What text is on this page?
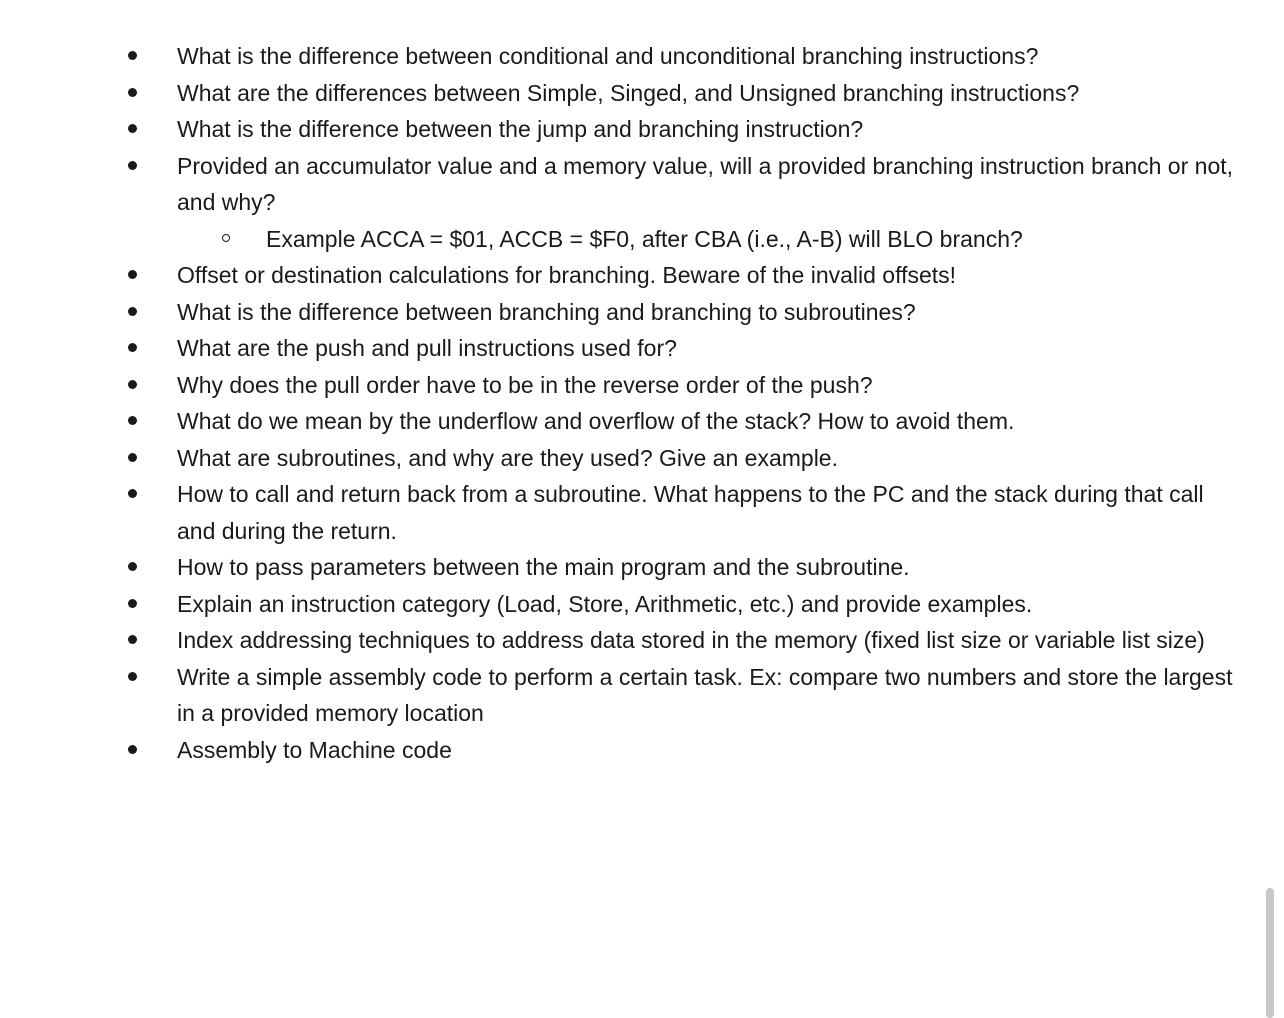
What is the difference between conditional and unconditional branching instructions?
What are the differences between Simple, Singed, and Unsigned branching instructions?
What is the difference between the jump and branching instruction?
Provided an accumulator value and a memory value, will a provided branching instruction branch or not, and why?
Example ACCA = $01, ACCB = $F0, after CBA (i.e., A-B) will BLO branch?
Offset or destination calculations for branching. Beware of the invalid offsets!
What is the difference between branching and branching to subroutines?
What are the push and pull instructions used for?
Why does the pull order have to be in the reverse order of the push?
What do we mean by the underflow and overflow of the stack? How to avoid them.
What are subroutines, and why are they used? Give an example.
How to call and return back from a subroutine. What happens to the PC and the stack during that call and during the return.
How to pass parameters between the main program and the subroutine.
Explain an instruction category (Load, Store, Arithmetic, etc.) and provide examples.
Index addressing techniques to address data stored in the memory (fixed list size or variable list size)
Write a simple assembly code to perform a certain task. Ex: compare two numbers and store the largest in a provided memory location
Assembly to Machine code
